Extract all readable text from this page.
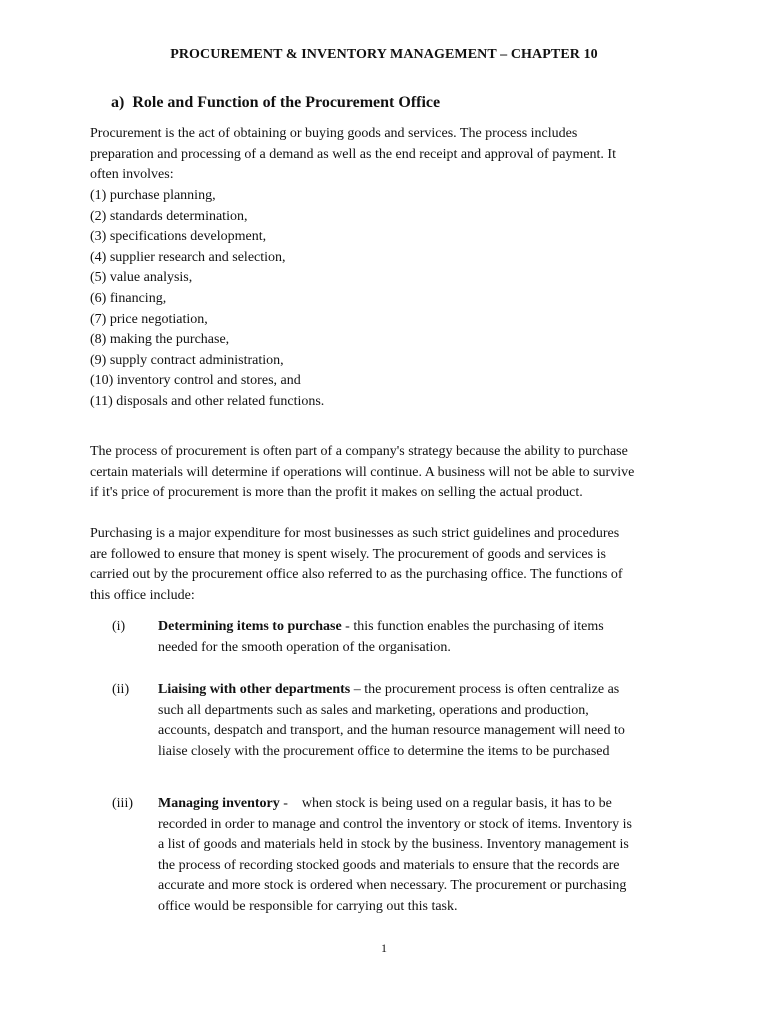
PROCUREMENT & INVENTORY MANAGEMENT – CHAPTER 10
a) Role and Function of the Procurement Office

Procurement is the act of obtaining or buying goods and services. The process includes
preparation and processing of a demand as well as the end receipt and approval of payment. It
often involves:

(1) purchase planning,
(2) standards determination,
(3) specifications development,
(4) supplier research and selection,
(5) value analysis,
(6) financing,
(7) price negotiation,
(8) making the purchase,
(9) supply contract administration,
(10) inventory control and stores, and
(11) disposals and other related functions.

The process of procurement is often part of a company's strategy because the ability to purchase
certain materials will determine if operations will continue. A business will not be able to survive
if it's price of procurement is more than the profit it makes on selling the actual product.

Purchasing is a major expenditure for most businesses as such strict guidelines and procedures
are followed to ensure that money is spent wisely. The procurement of goods and services is
carried out by the procurement office also referred to as the purchasing office. The functions of
this office include:

(i) Determining items to purchase - this function enables the purchasing of items
needed for the smooth operation of the organisation.
(ii) Liaising with other departments – the procurement process is often centralize as
such all departments such as sales and marketing, operations and production,
accounts, despatch and transport, and the human resource management will need to
liaise closely with the procurement office to determine the items to be purchased
(iii) Managing inventory -    when stock is being used on a regular basis, it has to be
recorded in order to manage and control the inventory or stock of items. Inventory is
a list of goods and materials held in stock by the business. Inventory management is
the process of recording stocked goods and materials to ensure that the records are
accurate and more stock is ordered when necessary. The procurement or purchasing
office would be responsible for carrying out this task.
1
